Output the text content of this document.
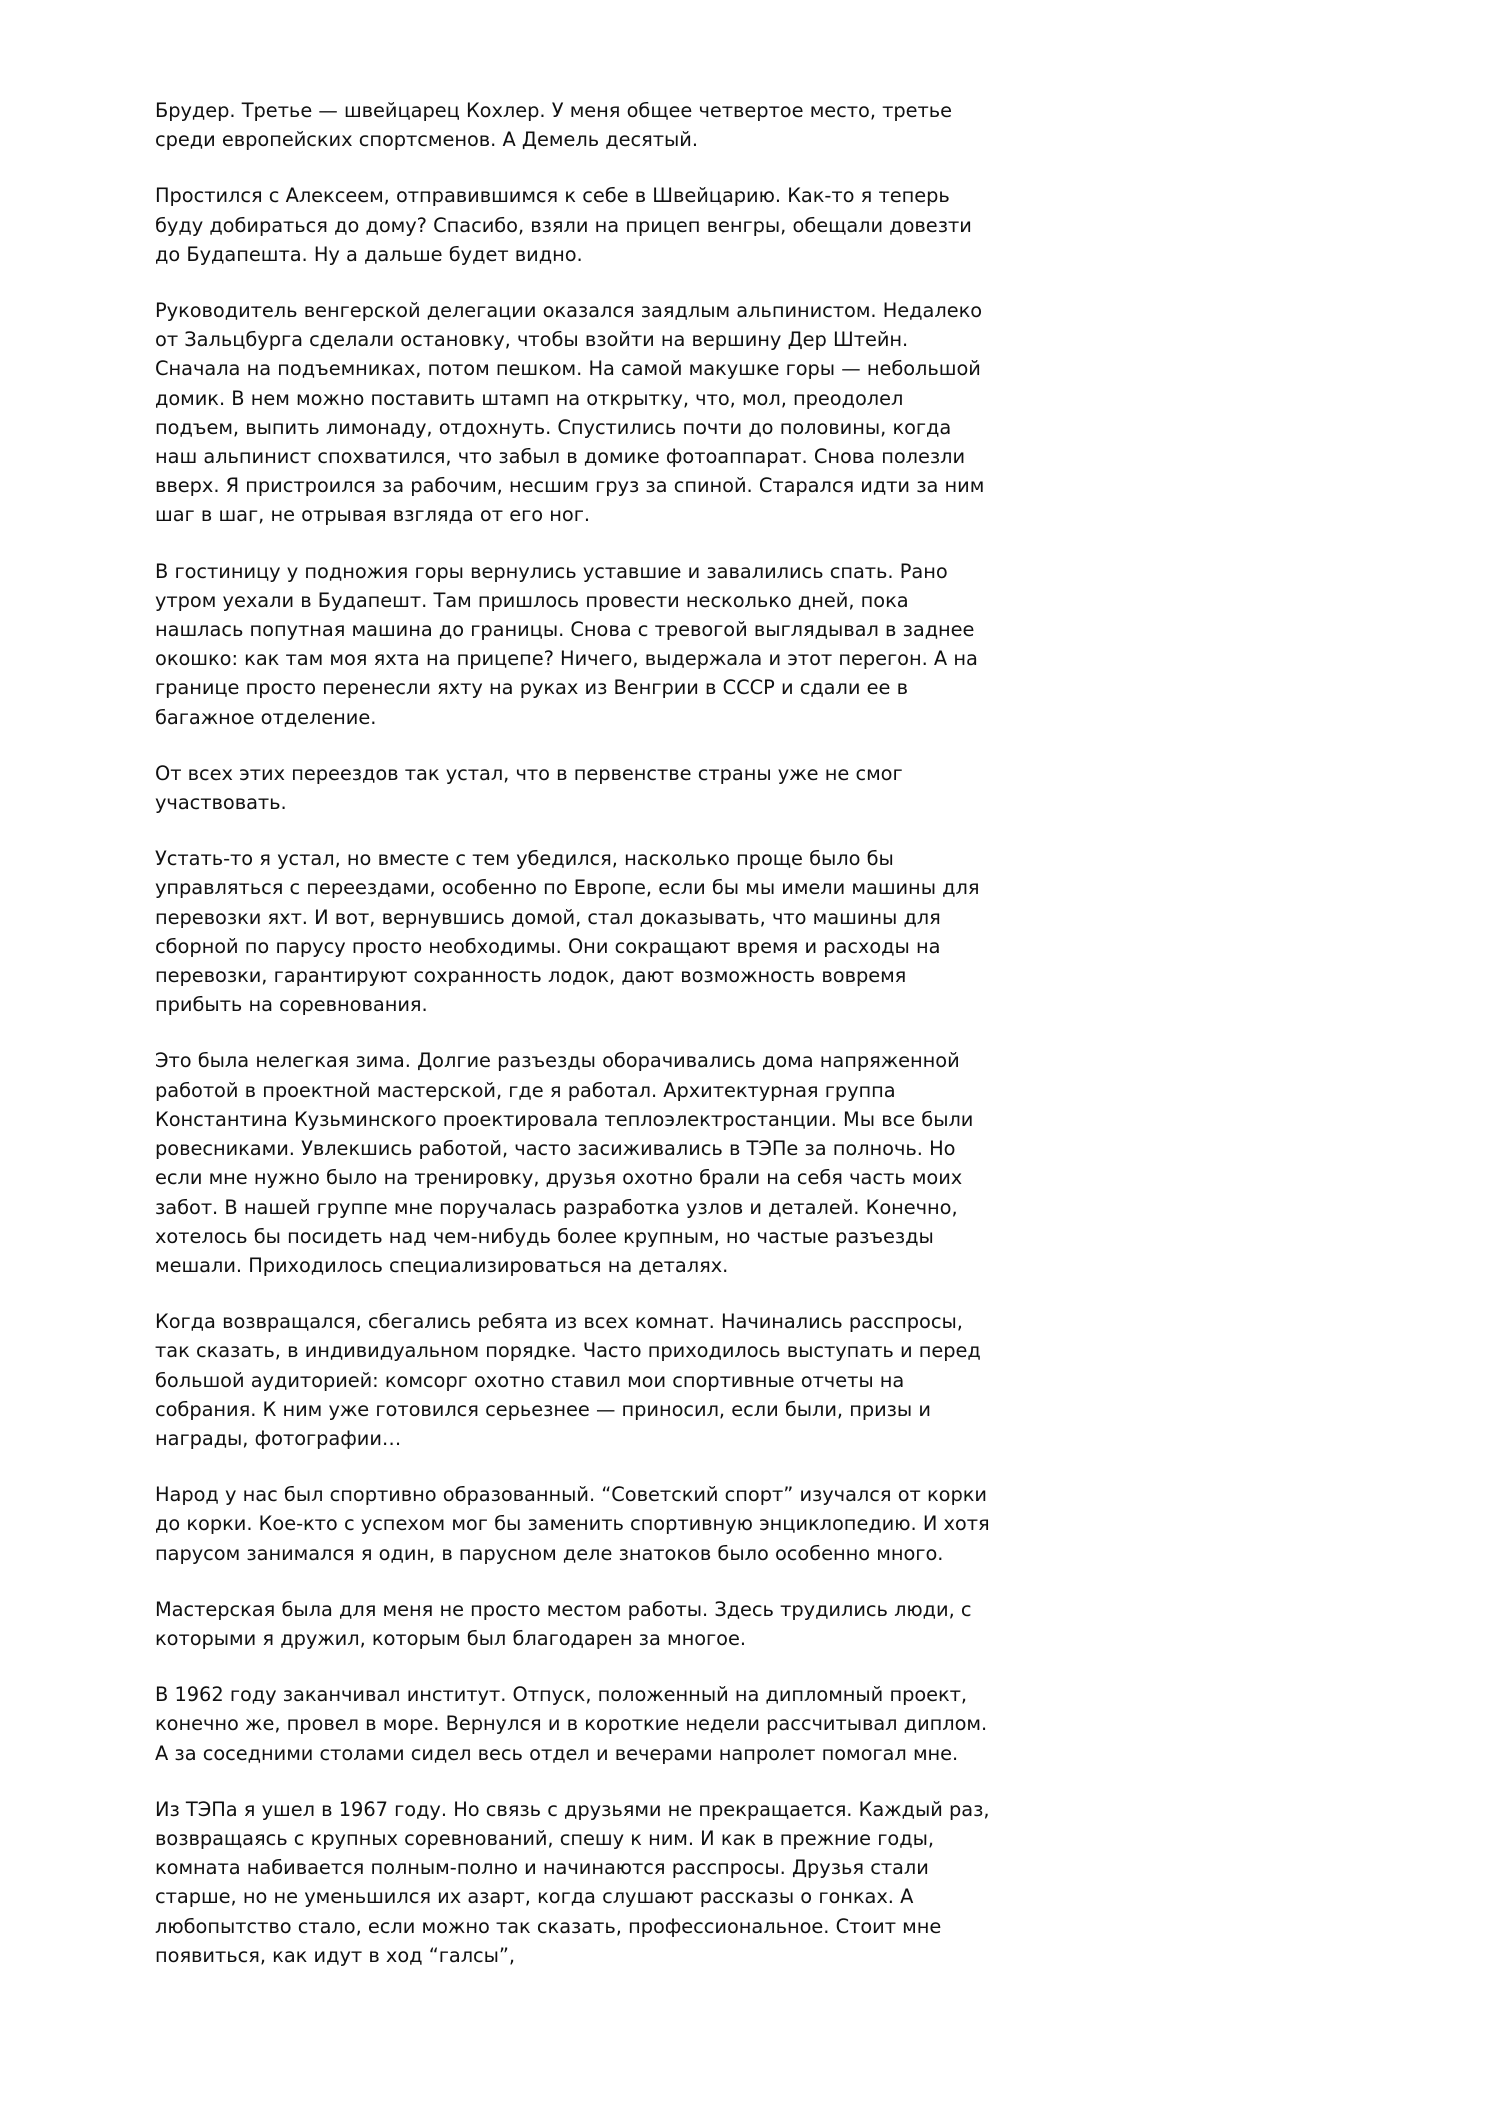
Брудер. Третье — швейцарец Кохлер. У меня общее четвертое место, третье среди европейских спортсменов. А Демель десятый.

Простился с Алексеем, отправившимся к себе в Швейцарию. Как-то я теперь буду добираться до дому? Спасибо, взяли на прицеп венгры, обещали довезти до Будапешта. Ну а дальше будет видно.

Руководитель венгерской делегации оказался заядлым альпинистом. Недалеко от Зальцбурга сделали остановку, чтобы взойти на вершину Дер Штейн. Сначала на подъемниках, потом пешком. На самой макушке горы — небольшой домик. В нем можно поставить штамп на открытку, что, мол, преодолел подъем, выпить лимонаду, отдохнуть. Спустились почти до половины, когда наш альпинист спохватился, что забыл в домике фотоаппарат. Снова полезли вверх. Я пристроился за рабочим, несшим груз за спиной. Старался идти за ним шаг в шаг, не отрывая взгляда от его ног.

В гостиницу у подножия горы вернулись уставшие и завалились спать. Рано утром уехали в Будапешт. Там пришлось провести несколько дней, пока нашлась попутная машина до границы. Снова с тревогой выглядывал в заднее окошко: как там моя яхта на прицепе? Ничего, выдержала и этот перегон. А на границе просто перенесли яхту на руках из Венгрии в СССР и сдали ее в багажное отделение.

От всех этих переездов так устал, что в первенстве страны уже не смог участвовать.

Устать-то я устал, но вместе с тем убедился, насколько проще было бы управляться с переездами, особенно по Европе, если бы мы имели машины для перевозки яхт. И вот, вернувшись домой, стал доказывать, что машины для сборной по парусу просто необходимы. Они сокращают время и расходы на перевозки, гарантируют сохранность лодок, дают возможность вовремя прибыть на соревнования.

Это была нелегкая зима. Долгие разъезды оборачивались дома напряженной работой в проектной мастерской, где я работал. Архитектурная группа Константина Кузьминского проектировала теплоэлектростанции. Мы все были ровесниками. Увлекшись работой, часто засиживались в ТЭПе за полночь. Но если мне нужно было на тренировку, друзья охотно брали на себя часть моих забот. В нашей группе мне поручалась разработка узлов и деталей. Конечно, хотелось бы посидеть над чем-нибудь более крупным, но частые разъезды мешали. Приходилось специализироваться на деталях.

Когда возвращался, сбегались ребята из всех комнат. Начинались расспросы, так сказать, в индивидуальном порядке. Часто приходилось выступать и перед большой аудиторией: комсорг охотно ставил мои спортивные отчеты на собрания. К ним уже готовился серьезнее — приносил, если были, призы и награды, фотографии…

Народ у нас был спортивно образованный. “Советский спорт” изучался от корки до корки. Кое-кто с успехом мог бы заменить спортивную энциклопедию. И хотя парусом занимался я один, в парусном деле знатоков было особенно много.

Мастерская была для меня не просто местом работы. Здесь трудились люди, с которыми я дружил, которым был благодарен за многое.

В 1962 году заканчивал институт. Отпуск, положенный на дипломный проект, конечно же, провел в море. Вернулся и в короткие недели рассчитывал диплом. А за соседними столами сидел весь отдел и вечерами напролет помогал мне.

Из ТЭПа я ушел в 1967 году. Но связь с друзьями не прекращается. Каждый раз, возвращаясь с крупных соревнований, спешу к ним. И как в прежние годы, комната набивается полным-полно и начинаются расспросы. Друзья стали старше, но не уменьшился их азарт, когда слушают рассказы о гонках. А любопытство стало, если можно так сказать, профессиональное. Стоит мне появиться, как идут в ход “галсы”,
